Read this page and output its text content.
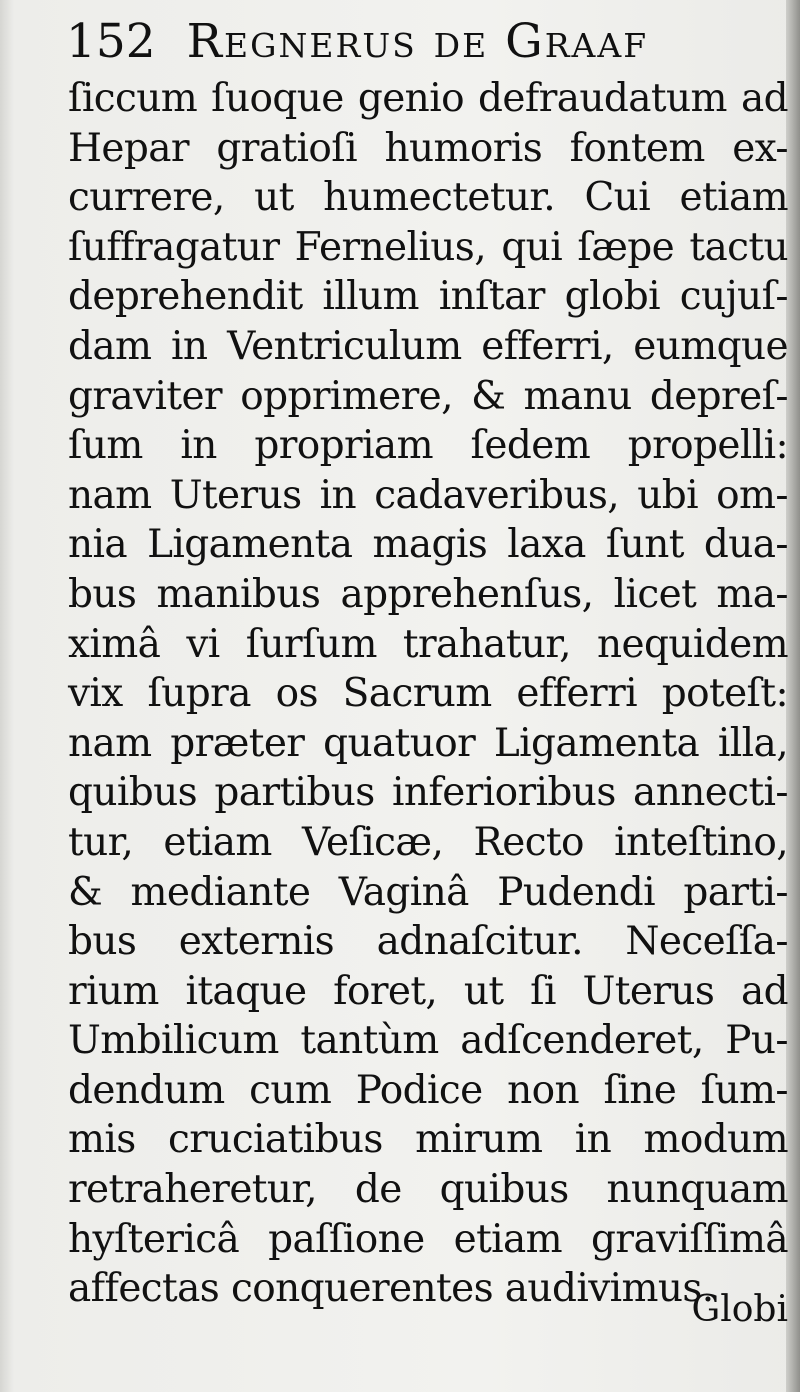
152 Regnerus de Graaf
ſiccum ſuoque genio defraudatum ad
Hepar gratioſi humoris fontem ex-
currere, ut humectetur. Cui etiam
ſuffragatur Fernelius, qui ſæpe tactu
deprehendit illum inſtar globi cujuſ-
dam in Ventriculum efferri, eumque
graviter opprimere, & manu depreſ-
ſum in propriam ſedem propelli:
nam Uterus in cadaveribus, ubi om-
nia Ligamenta magis laxa ſunt dua-
bus manibus apprehenſus, licet ma-
ximâ vi ſurſum trahatur, nequidem
vix ſupra os Sacrum efferri poteſt:
nam præter quatuor Ligamenta illa,
quibus partibus inferioribus annecti-
tur, etiam Veſicæ, Recto inteſtino,
& mediante Vaginâ Pudendi parti-
bus externis adnaſcitur. Neceſſa-
rium itaque foret, ut ſi Uterus ad
Umbilicum tantùm adſcenderet, Pu-
dendum cum Podice non ſine ſum-
mis cruciatibus mirum in modum
retraheretur, de quibus nunquam
hyſtericâ paſſione etiam graviſſimâ
affectas conquerentes audivimus.
Globi
